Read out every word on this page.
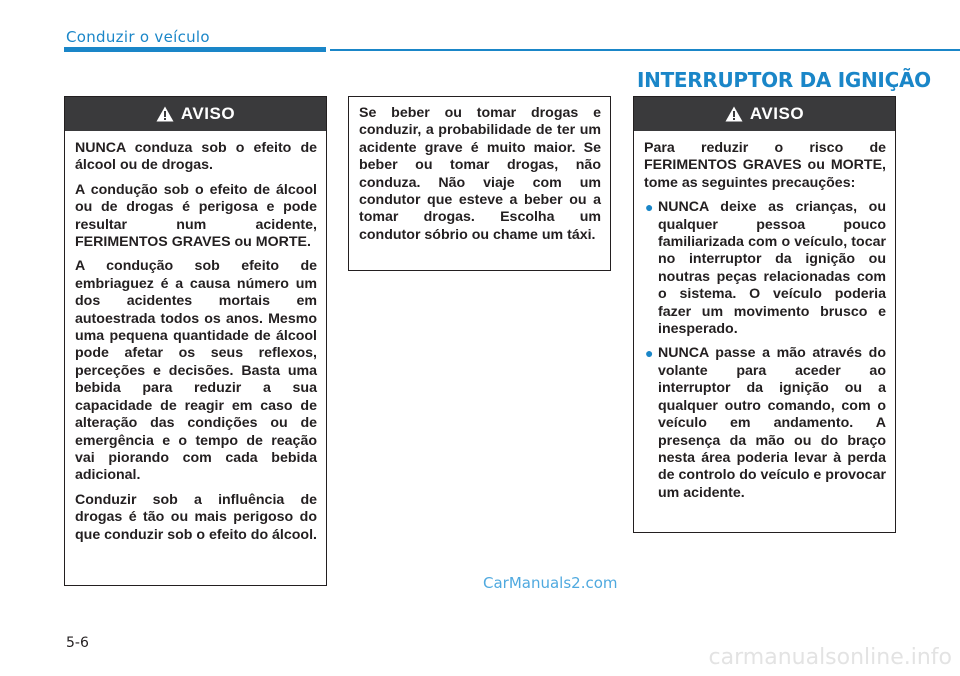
Conduzir o veículo
INTERRUPTOR DA IGNIÇÃO
AVISO

NUNCA conduza sob o efeito de álcool ou de drogas.

A condução sob o efeito de álcool ou de drogas é perigosa e pode resultar num acidente, FERIMENTOS GRAVES ou MORTE.

A condução sob efeito de embriaguez é a causa número um dos acidentes mortais em autoestrada todos os anos. Mesmo uma pequena quantidade de álcool pode afetar os seus reflexos, perceções e decisões. Basta uma bebida para reduzir a sua capacidade de reagir em caso de alteração das condições ou de emergência e o tempo de reação vai piorando com cada bebida adicional.

Conduzir sob a influência de drogas é tão ou mais perigoso do que conduzir sob o efeito do álcool.

Se beber ou tomar drogas e conduzir, a probabilidade de ter um acidente grave é muito maior. Se beber ou tomar drogas, não conduza. Não viaje com um condutor que esteve a beber ou a tomar drogas. Escolha um condutor sóbrio ou chame um táxi.

AVISO

Para reduzir o risco de FERIMENTOS GRAVES ou MORTE, tome as seguintes precauções:

● NUNCA deixe as crianças, ou qualquer pessoa pouco familiarizada com o veículo, tocar no interruptor da ignição ou noutras peças relacionadas com o sistema. O veículo poderia fazer um movimento brusco e inesperado.
● NUNCA passe a mão através do volante para aceder ao interruptor da ignição ou a qualquer outro comando, com o veículo em andamento. A presença da mão ou do braço nesta área poderia levar à perda de controlo do veículo e provocar um acidente.
CarManuals2.com
5-6
carmanualsonline.info
